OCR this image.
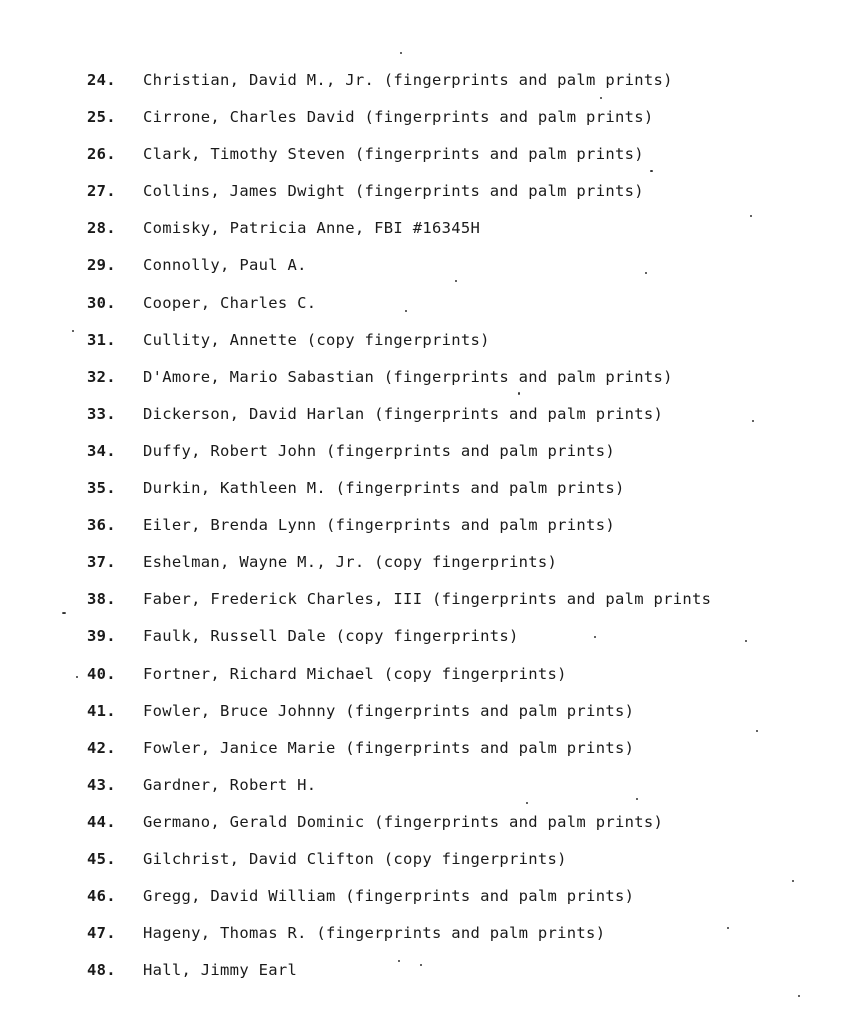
24. Christian, David M., Jr. (fingerprints and palm prints)
25. Cirrone, Charles David (fingerprints and palm prints)
26. Clark, Timothy Steven (fingerprints and palm prints)
27. Collins, James Dwight (fingerprints and palm prints)
28. Comisky, Patricia Anne, FBI #16345H
29. Connolly, Paul A.
30. Cooper, Charles C.
31. Cullity, Annette (copy fingerprints)
32. D'Amore, Mario Sabastian (fingerprints and palm prints)
33. Dickerson, David Harlan (fingerprints and palm prints)
34. Duffy, Robert John (fingerprints and palm prints)
35. Durkin, Kathleen M. (fingerprints and palm prints)
36. Eiler, Brenda Lynn (fingerprints and palm prints)
37. Eshelman, Wayne M., Jr. (copy fingerprints)
38. Faber, Frederick Charles, III (fingerprints and palm prints
39. Faulk, Russell Dale (copy fingerprints)
40. Fortner, Richard Michael (copy fingerprints)
41. Fowler, Bruce Johnny (fingerprints and palm prints)
42. Fowler, Janice Marie (fingerprints and palm prints)
43. Gardner, Robert H.
44. Germano, Gerald Dominic (fingerprints and palm prints)
45. Gilchrist, David Clifton (copy fingerprints)
46. Gregg, David William (fingerprints and palm prints)
47. Hageny, Thomas R. (fingerprints and palm prints)
48. Hall, Jimmy Earl
